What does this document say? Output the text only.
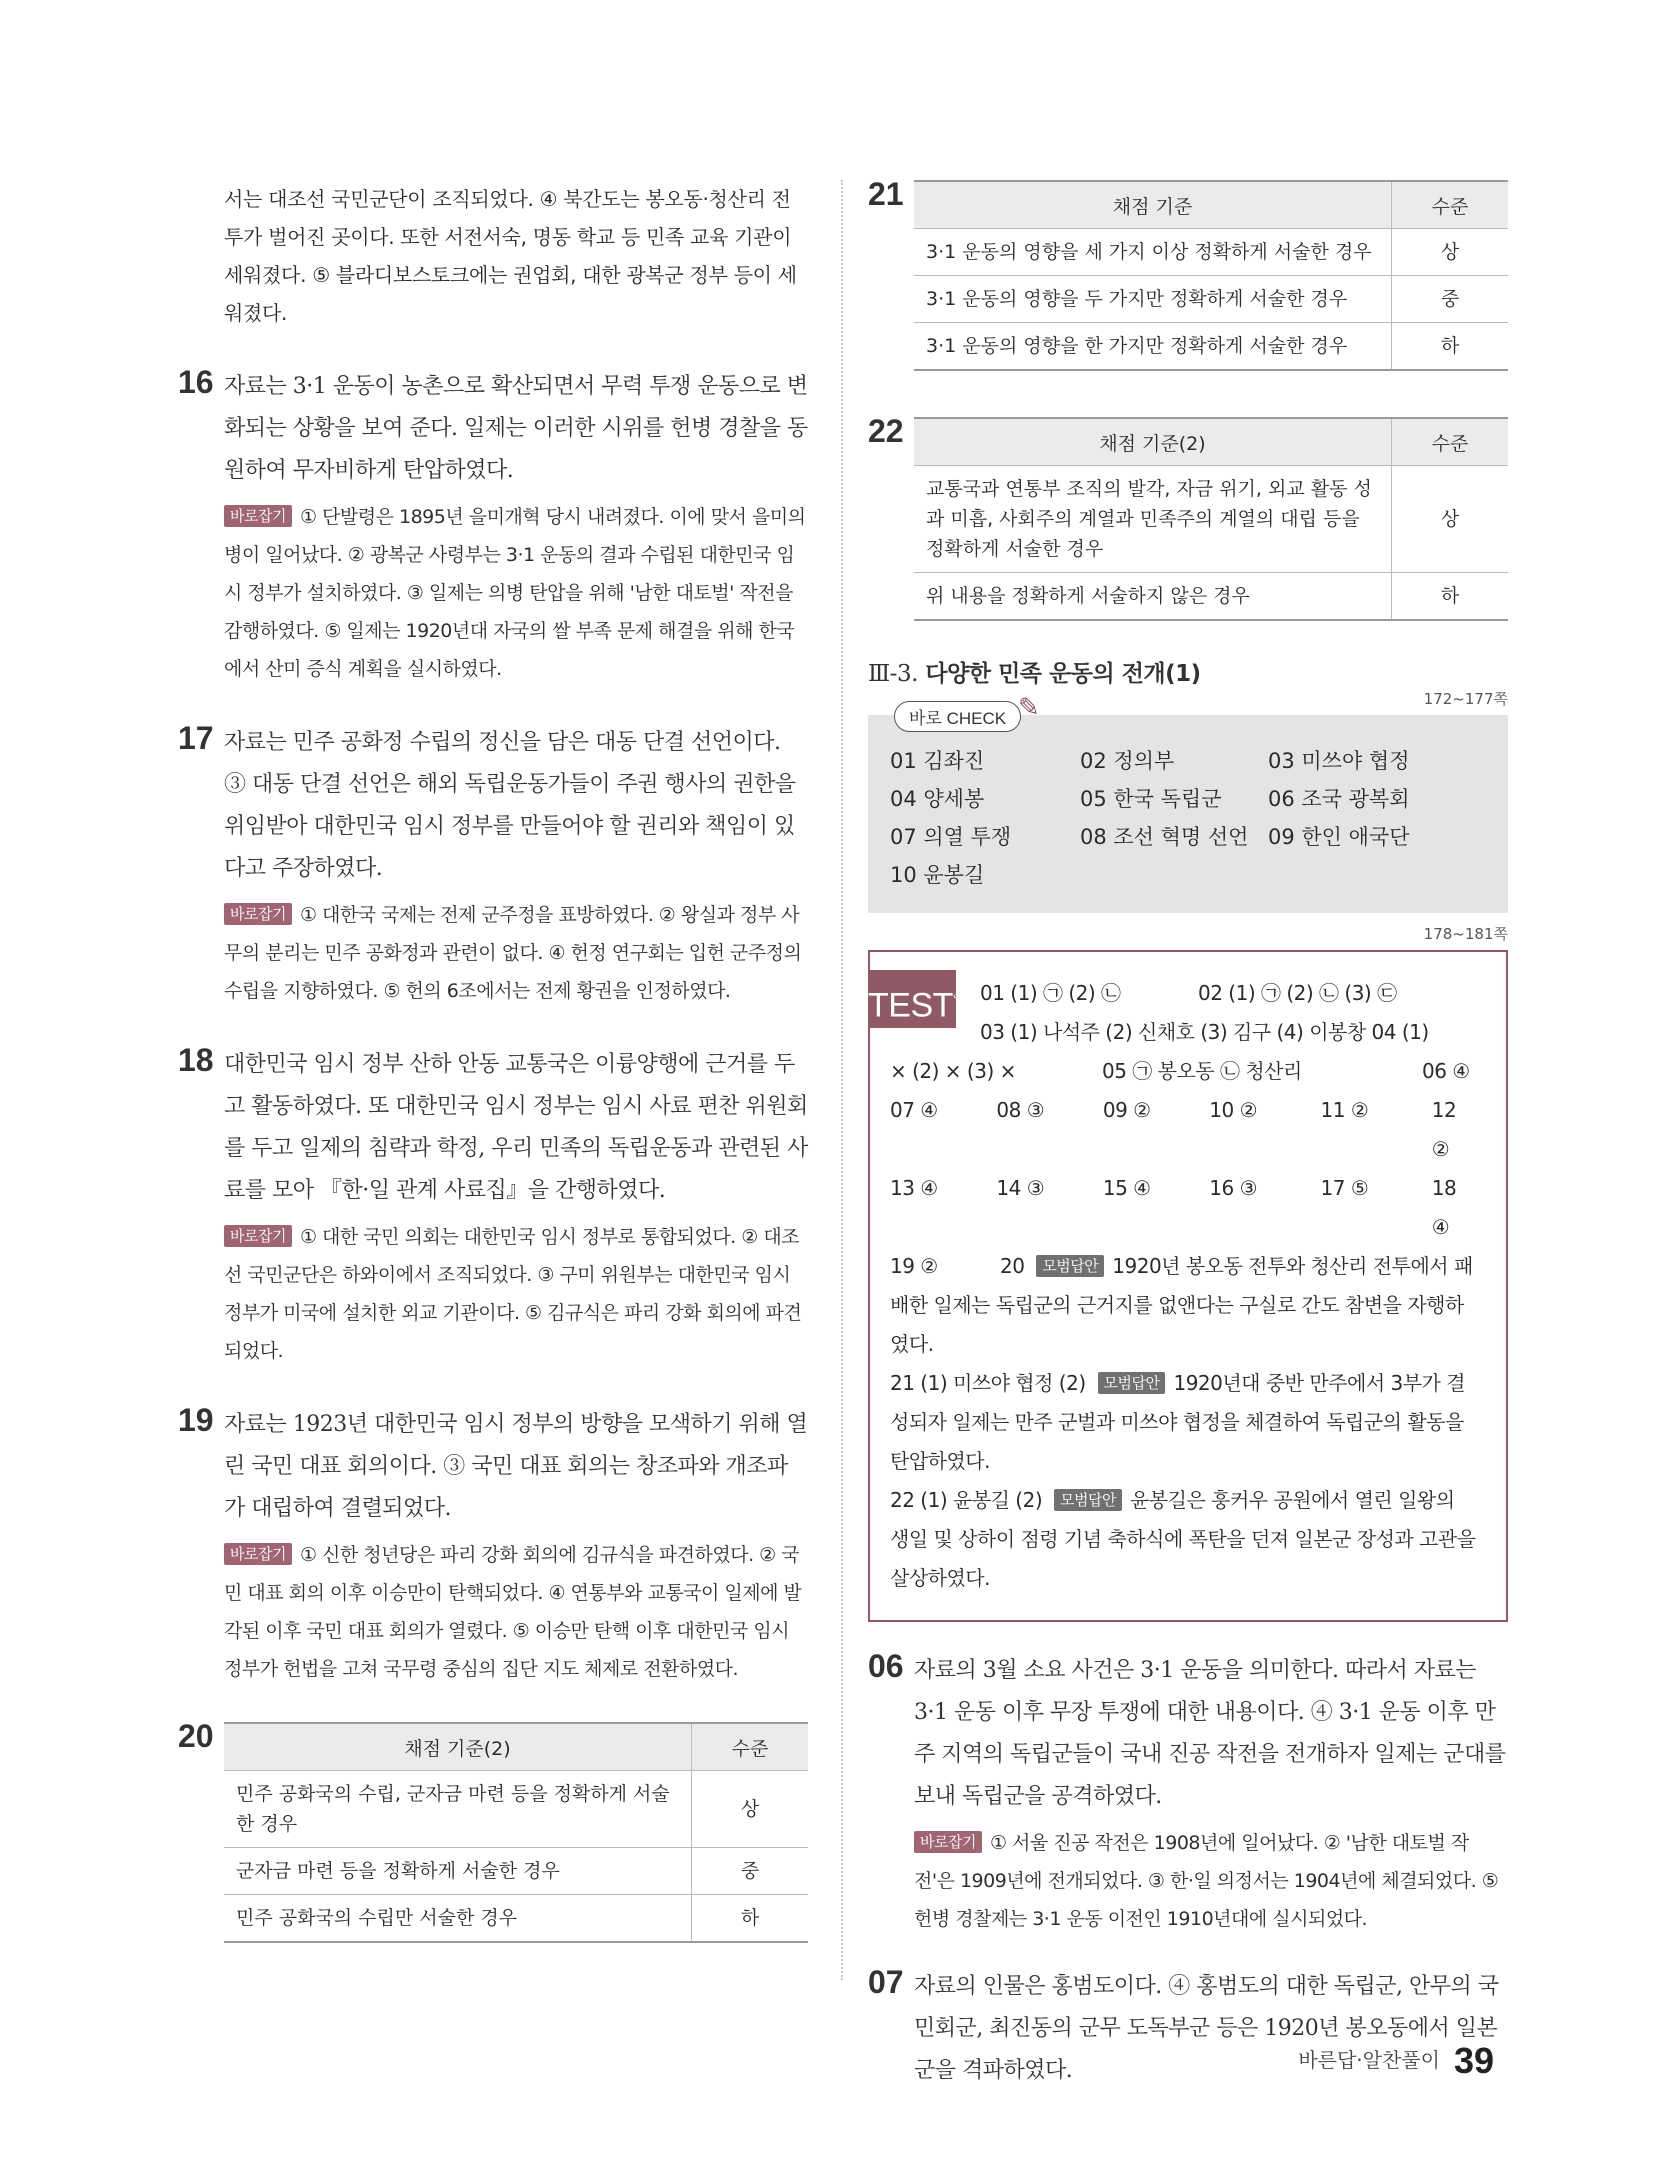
서는 대조선 국민군단이 조직되었다. ④ 북간도는 봉오동·청산리 전투가 벌어진 곳이다. 또한 서전서숙, 명동 학교 등 민족 교육 기관이 세워졌다. ⑤ 블라디보스토크에는 권업회, 대한 광복군 정부 등이 세워졌다.
16 자료는 3·1 운동이 농촌으로 확산되면서 무력 투쟁 운동으로 변화되는 상황을 보여 준다. 일제는 이러한 시위를 헌병 경찰을 동원하여 무자비하게 탄압하였다.
바로잡기 ① 단발령은 1895년 을미개혁 당시 내려졌다. 이에 맞서 을미의병이 일어났다. ② 광복군 사령부는 3·1 운동의 결과 수립된 대한민국 임시 정부가 설치하였다. ③ 일제는 의병 탄압을 위해 '남한 대토벌' 작전을 감행하였다. ⑤ 일제는 1920년대 자국의 쌀 부족 문제 해결을 위해 한국에서 산미 증식 계획을 실시하였다.
17 자료는 민주 공화정 수립의 정신을 담은 대동 단결 선언이다. ③ 대동 단결 선언은 해외 독립운동가들이 주권 행사의 권한을 위임받아 대한민국 임시 정부를 만들어야 할 권리와 책임이 있다고 주장하였다.
바로잡기 ① 대한국 국제는 전제 군주정을 표방하였다. ② 왕실과 정부 사무의 분리는 민주 공화정과 관련이 없다. ④ 헌정 연구회는 입헌 군주정의 수립을 지향하였다. ⑤ 헌의 6조에서는 전제 황권을 인정하였다.
18 대한민국 임시 정부 산하 안동 교통국은 이륭양행에 근거를 두고 활동하였다. 또 대한민국 임시 정부는 임시 사료 편찬 위원회를 두고 일제의 침략과 학정, 우리 민족의 독립운동과 관련된 사료를 모아 『한·일 관계 사료집』을 간행하였다.
바로잡기 ① 대한 국민 의회는 대한민국 임시 정부로 통합되었다. ② 대조선 국민군단은 하와이에서 조직되었다. ③ 구미 위원부는 대한민국 임시 정부가 미국에 설치한 외교 기관이다. ⑤ 김규식은 파리 강화 회의에 파견되었다.
19 자료는 1923년 대한민국 임시 정부의 방향을 모색하기 위해 열린 국민 대표 회의이다. ③ 국민 대표 회의는 창조파와 개조파가 대립하여 결렬되었다.
바로잡기 ① 신한 청년당은 파리 강화 회의에 김규식을 파견하였다. ② 국민 대표 회의 이후 이승만이 탄핵되었다. ④ 연통부와 교통국이 일제에 발각된 이후 국민 대표 회의가 열렸다. ⑤ 이승만 탄핵 이후 대한민국 임시 정부가 헌법을 고쳐 국무령 중심의 집단 지도 체제로 전환하였다.
20	채점 기준(2)	수준
민주 공화국의 수립, 군자금 마련 등을 정확하게 서술한 경우	상
군자금 마련 등을 정확하게 서술한 경우	중
민주 공화국의 수립만 서술한 경우	하
21	채점 기준	수준
3·1 운동의 영향을 세 가지 이상 정확하게 서술한 경우	상
3·1 운동의 영향을 두 가지만 정확하게 서술한 경우	중
3·1 운동의 영향을 한 가지만 정확하게 서술한 경우	하
22	채점 기준(2)	수준
교통국과 연통부 조직의 발각, 자금 위기, 외교 활동 성과 미흡, 사회주의 계열과 민족주의 계열의 대립 등을 정확하게 서술한 경우	상
위 내용을 정확하게 서술하지 않은 경우	하
Ⅲ-3. 다양한 민족 운동의 전개(1)
172~177쪽
바로 CHECK ✎
01 김좌진	02 정의부	03 미쓰야 협정
04 양세봉	05 한국 독립군	06 조국 광복회
07 의열 투쟁	08 조선 혁명 선언 09 한인 애국단
10 윤봉길
178~181쪽
TEST°	01 (1) ㉠ (2) ㉡	02 (1) ㉠ (2) ㉡ (3) ㉢
03 (1) 나석주 (2) 신채호 (3) 김구 (4) 이봉창 04 (1)
× (2) × (3) ×	05 ㉠ 봉오동 ㉡ 청산리	06 ④
07 ④	08 ③	09 ②	10 ②	11 ②	12 ②
13 ④	14 ③	15 ④	16 ③	17 ⑤	18 ④
19 ②	20 모범답안 1920년 봉오동 전투와 청산리 전투에서 패배한 일제는 독립군의 근거지를 없앤다는 구실로 간도 참변을 자행하였다.
21 (1) 미쓰야 협정 (2) 모범답안 1920년대 중반 만주에서 3부가 결성되자 일제는 만주 군벌과 미쓰야 협정을 체결하여 독립군의 활동을 탄압하였다.
22 (1) 윤봉길 (2) 모범답안 윤봉길은 훙커우 공원에서 열린 일왕의 생일 및 상하이 점령 기념 축하식에 폭탄을 던져 일본군 장성과 고관을 살상하였다.
06 자료의 3월 소요 사건은 3·1 운동을 의미한다. 따라서 자료는 3·1 운동 이후 무장 투쟁에 대한 내용이다. ④ 3·1 운동 이후 만주 지역의 독립군들이 국내 진공 작전을 전개하자 일제는 군대를 보내 독립군을 공격하였다.
바로잡기 ① 서울 진공 작전은 1908년에 일어났다. ② '남한 대토벌 작전'은 1909년에 전개되었다. ③ 한·일 의정서는 1904년에 체결되었다. ⑤ 헌병 경찰제는 3·1 운동 이전인 1910년대에 실시되었다.
07 자료의 인물은 홍범도이다. ④ 홍범도의 대한 독립군, 안무의 국민회군, 최진동의 군무 도독부군 등은 1920년 봉오동에서 일본군을 격파하였다.	바른답·알찬풀이 39
